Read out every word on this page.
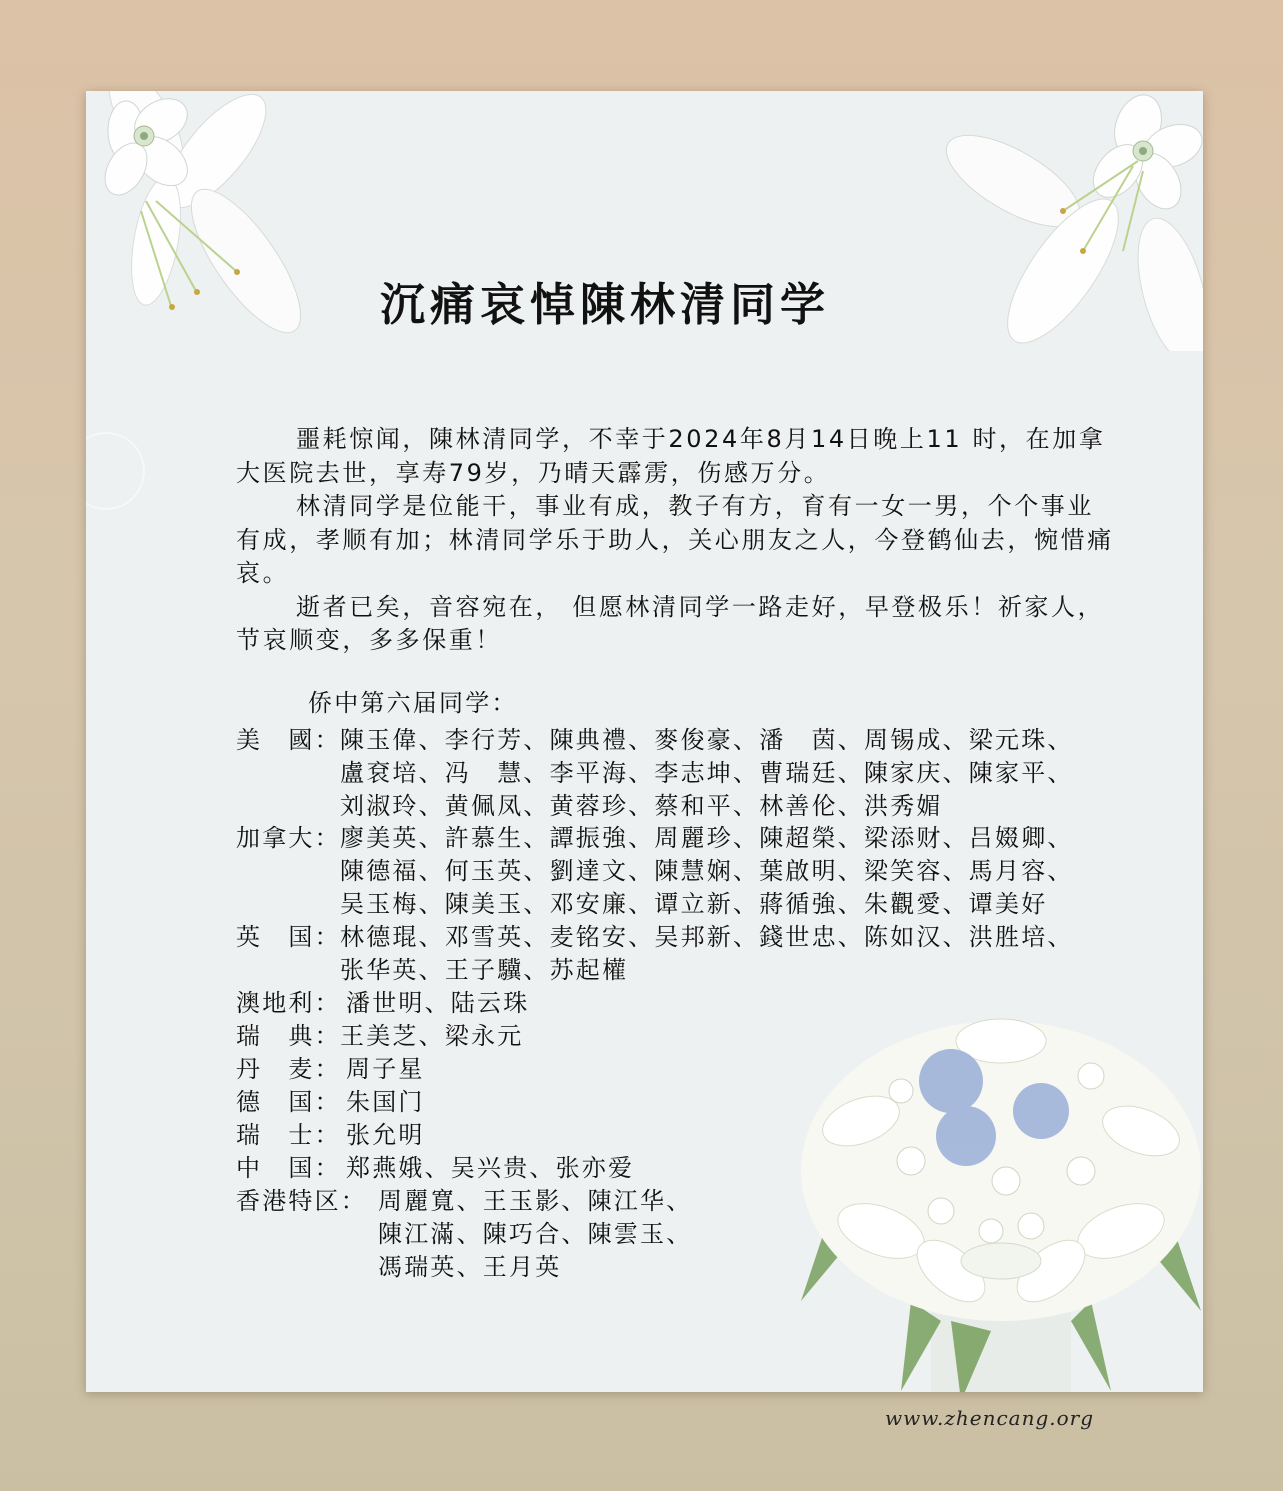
沉痛哀悼陳林清同学

噩耗惊闻，陳林清同学，不幸于2024年8月14日晚上11 时，在加拿大医院去世，享寿79岁，乃晴天霹雳，伤感万分。

林清同学是位能干，事业有成，教子有方，育有一女一男，个个事业有成，孝顺有加；林清同学乐于助人，关心朋友之人，今登鹤仙去，惋惜痛哀。

逝者已矣，音容宛在， 但愿林清同学一路走好，早登极乐！祈家人，节哀顺变，多多保重！

侨中第六届同学：
美　國： 陳玉偉、李行芳、陳典禮、麥俊豪、潘　茵、周锡成、梁元珠、
盧袞培、冯　慧、李平海、李志坤、曹瑞廷、陳家庆、陳家平、
刘淑玲、黄佩凤、黄蓉珍、蔡和平、林善伦、洪秀媚
加拿大： 廖美英、許慕生、譚振強、周麗珍、陳超榮、梁添财、吕娺卿、
陳德福、何玉英、劉達文、陳慧娴、葉啟明、梁笑容、馬月容、
吴玉梅、陳美玉、邓安廉、谭立新、蔣循強、朱觀愛、谭美好
英　国： 林德琨、邓雪英、麦铭安、吴邦新、錢世忠、陈如汉、洪胜培、
张华英、王子驥、苏起權
澳地利： 潘世明、陆云珠
瑞　典： 王美芝、梁永元
丹　麦： 周子星
德　国： 朱国门
瑞　士： 张允明
中　国： 郑燕娥、吴兴贵、张亦爱
香港特区： 周麗寬、王玉影、陳江华、
陳江滿、陳巧合、陳雲玉、
馮瑞英、王月英
www.zhencang.org
